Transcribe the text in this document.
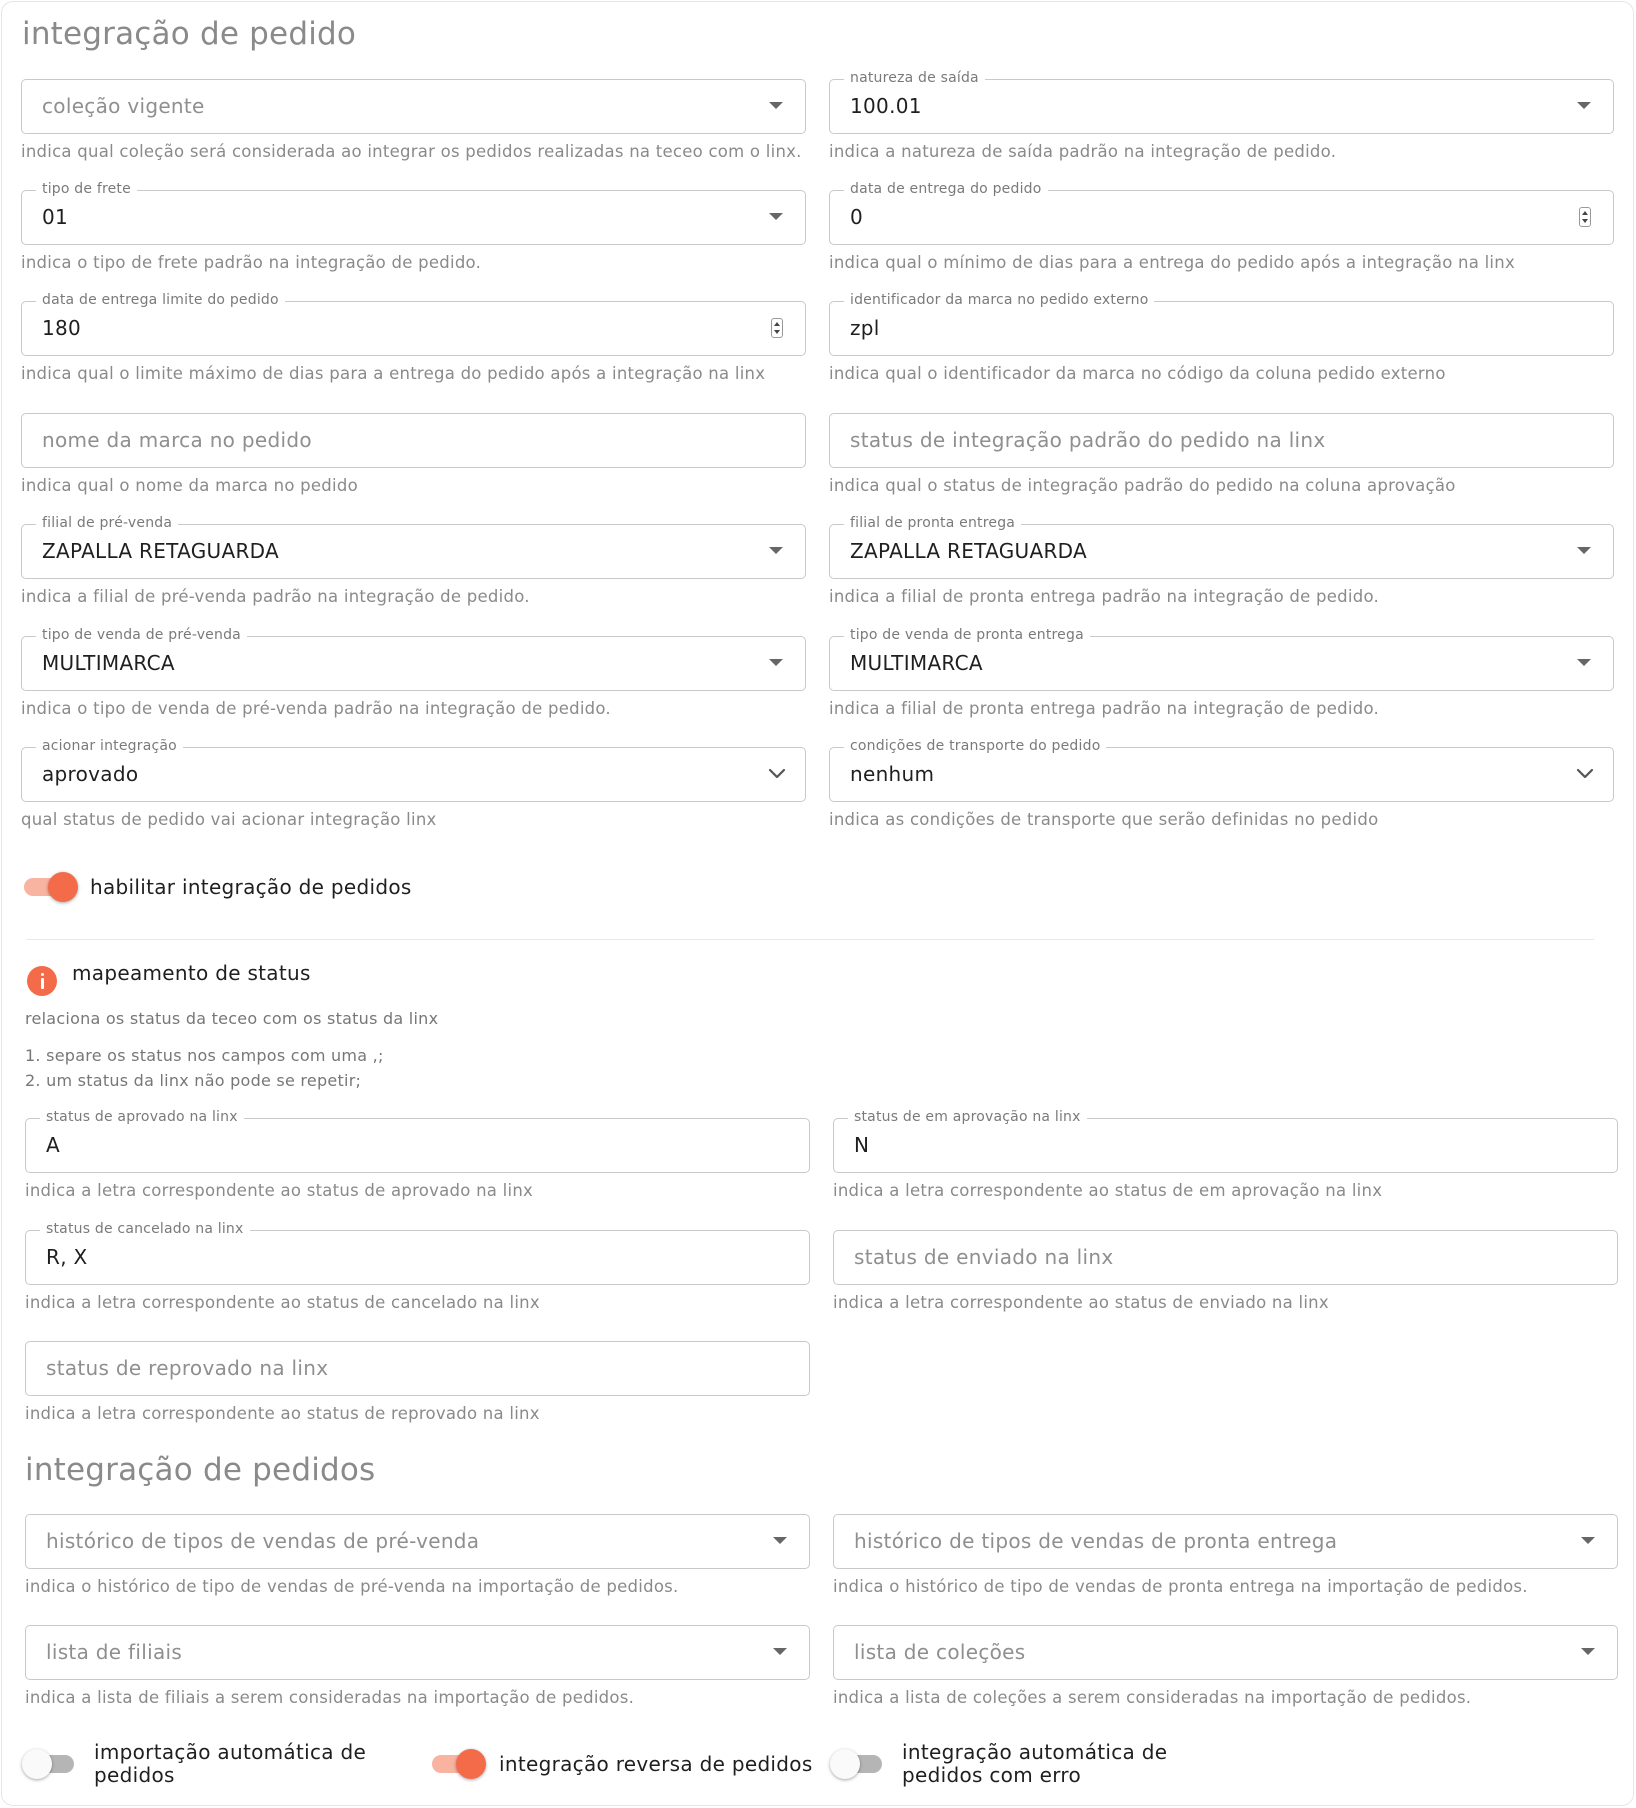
integração de pedido
coleção vigente
indica qual coleção será considerada ao integrar os pedidos realizadas na teceo com o linx.
natureza de saída
100.01
indica a natureza de saída padrão na integração de pedido.
tipo de frete
01
indica o tipo de frete padrão na integração de pedido.
data de entrega do pedido
0
indica qual o mínimo de dias para a entrega do pedido após a integração na linx
data de entrega limite do pedido
180
indica qual o limite máximo de dias para a entrega do pedido após a integração na linx
identificador da marca no pedido externo
zpl
indica qual o identificador da marca no código da coluna pedido externo
nome da marca no pedido
indica qual o nome da marca no pedido
status de integração padrão do pedido na linx
indica qual o status de integração padrão do pedido na coluna aprovação
filial de pré-venda
ZAPALLA RETAGUARDA
indica a filial de pré-venda padrão na integração de pedido.
filial de pronta entrega
ZAPALLA RETAGUARDA
indica a filial de pronta entrega padrão na integração de pedido.
tipo de venda de pré-venda
MULTIMARCA
indica o tipo de venda de pré-venda padrão na integração de pedido.
tipo de venda de pronta entrega
MULTIMARCA
indica a filial de pronta entrega padrão na integração de pedido.
acionar integração
aprovado
qual status de pedido vai acionar integração linx
condições de transporte do pedido
nenhum
indica as condições de transporte que serão definidas no pedido
habilitar integração de pedidos
mapeamento de status
relaciona os status da teceo com os status da linx
1. separe os status nos campos com uma ,;
2. um status da linx não pode se repetir;
status de aprovado na linx
A
indica a letra correspondente ao status de aprovado na linx
status de em aprovação na linx
N
indica a letra correspondente ao status de em aprovação na linx
status de cancelado na linx
R, X
indica a letra correspondente ao status de cancelado na linx
status de enviado na linx
indica a letra correspondente ao status de enviado na linx
status de reprovado na linx
indica a letra correspondente ao status de reprovado na linx
integração de pedidos
histórico de tipos de vendas de pré-venda
indica o histórico de tipo de vendas de pré-venda na importação de pedidos.
histórico de tipos de vendas de pronta entrega
indica o histórico de tipo de vendas de pronta entrega na importação de pedidos.
lista de filiais
indica a lista de filiais a serem consideradas na importação de pedidos.
lista de coleções
indica a lista de coleções a serem consideradas na importação de pedidos.
importação automática de
pedidos	integração reversa de pedidos	integração automática de
pedidos com erro
